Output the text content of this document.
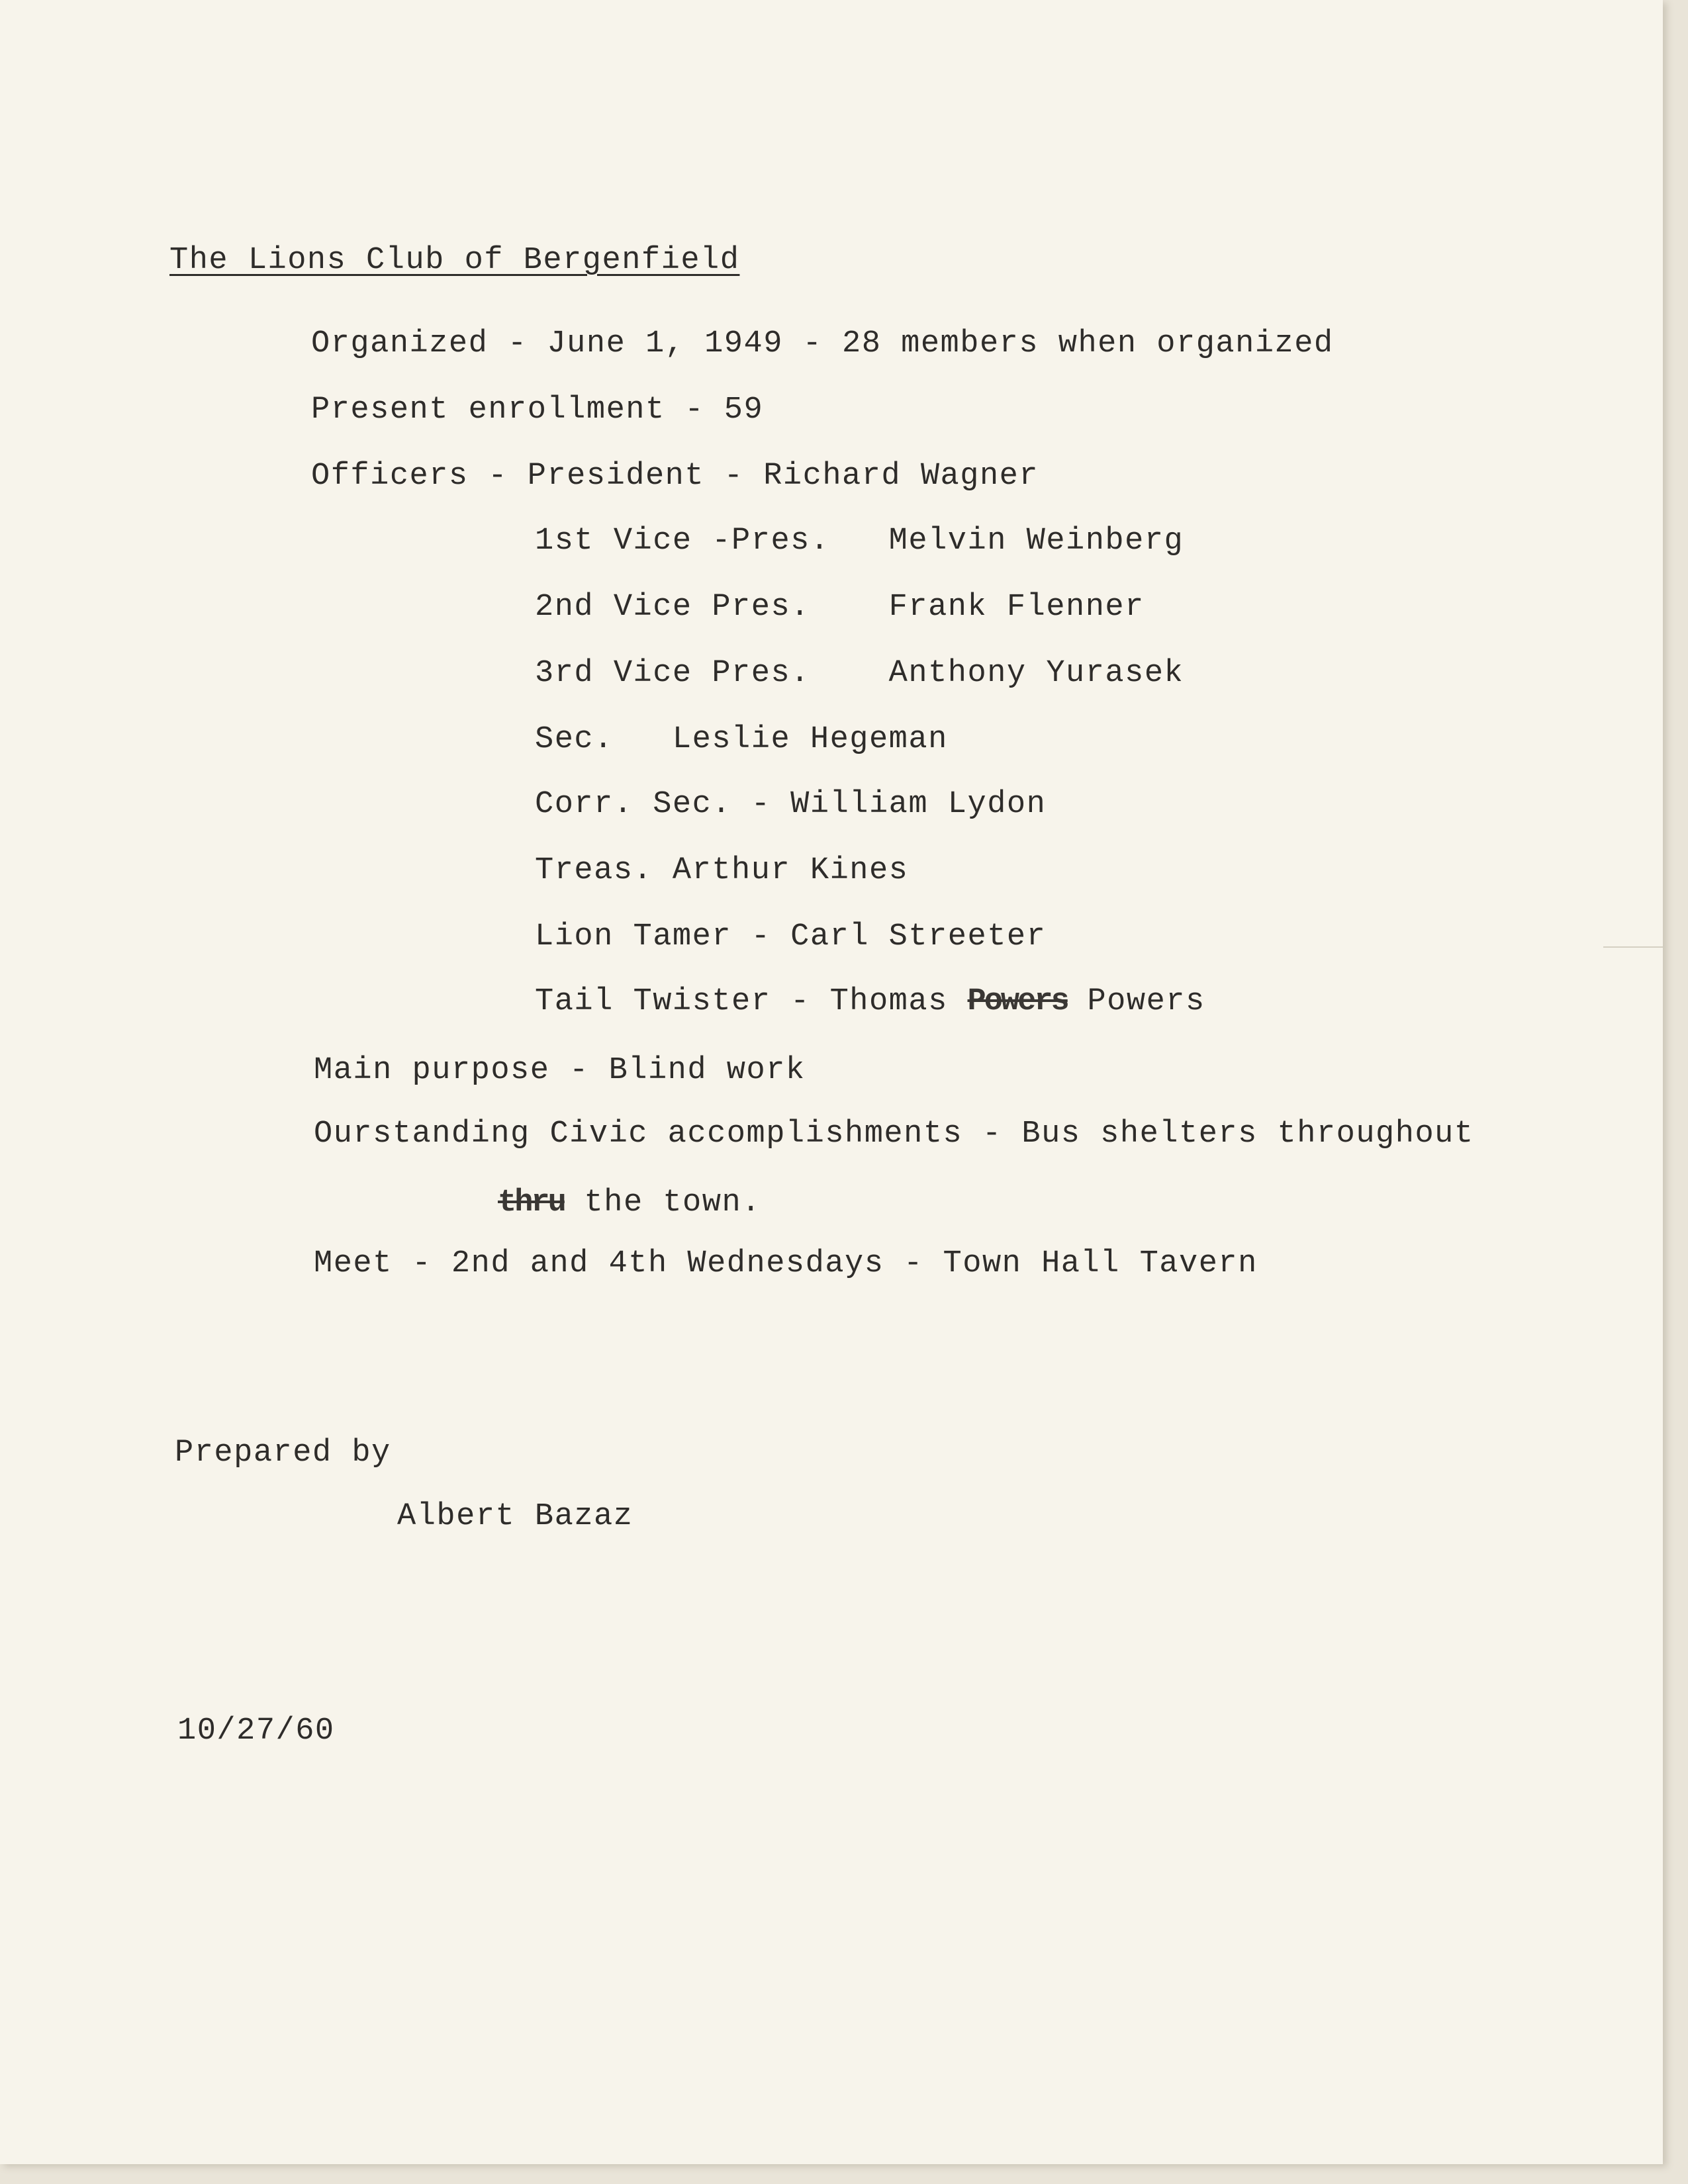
The Lions Club of Bergenfield

Organized - June 1, 1949 - 28 members when organized

Present enrollment - 59

Officers - President - Richard Wagner

1st Vice -Pres.   Melvin Weinberg

2nd Vice Pres.    Frank Flenner

3rd Vice Pres.    Anthony Yurasek

Sec.   Leslie Hegeman

Corr. Sec. - William Lydon

Treas. Arthur Kines

Lion Tamer - Carl Streeter

Tail Twister - Thomas Powers Powers

Main purpose - Blind work

Ourstanding Civic accomplishments - Bus shelters throughout

thru the town.

Meet - 2nd and 4th Wednesdays - Town Hall Tavern

Prepared by

Albert Bazaz

10/27/60
